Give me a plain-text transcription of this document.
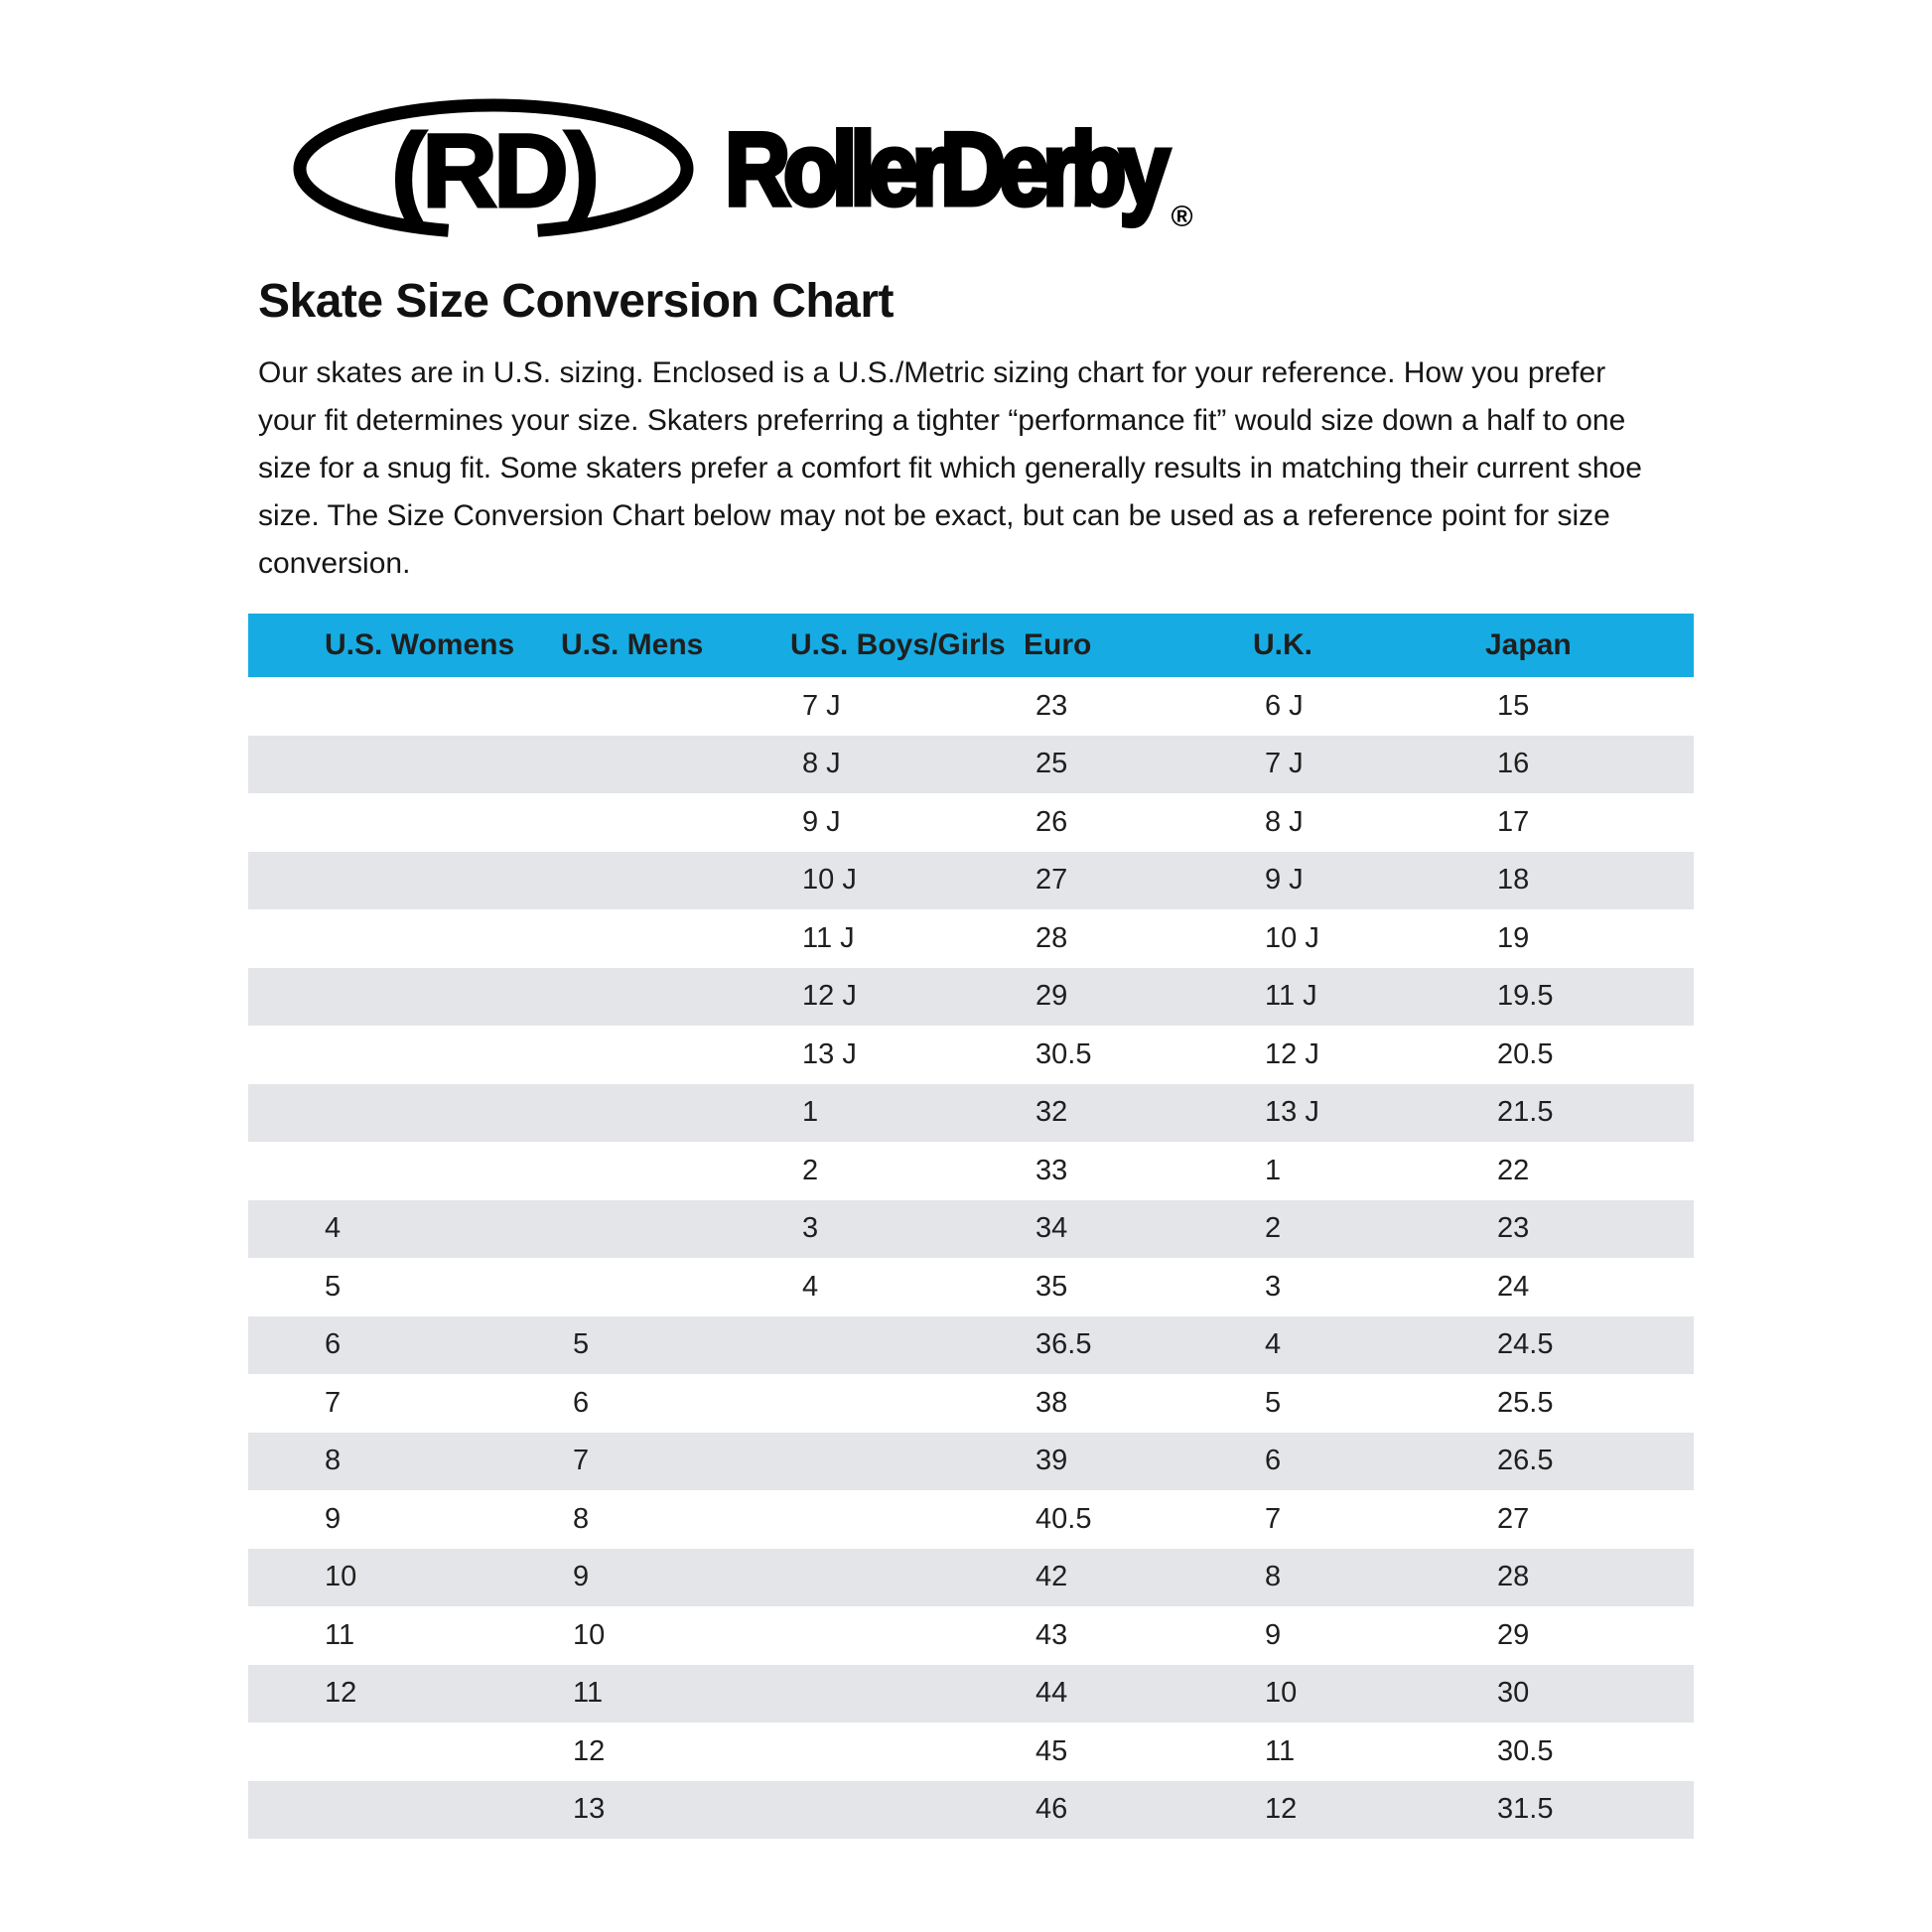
(RD) RollerDerby ®
Skate Size Conversion Chart
Our skates are in U.S. sizing. Enclosed is a U.S./Metric sizing chart for your reference. How you prefer your fit determines your size. Skaters preferring a tighter “performance fit” would size down a half to one size for a snug fit. Some skaters prefer a comfort fit which generally results in matching their current shoe size. The Size Conversion Chart below may not be exact, but can be used as a reference point for size conversion.
U.S. Womens	U.S. Mens	U.S. Boys/Girls	Euro	U.K.	Japan
		7 J	23	6 J	15
		8 J	25	7 J	16
		9 J	26	8 J	17
		10 J	27	9 J	18
		11 J	28	10 J	19
		12 J	29	11 J	19.5
		13 J	30.5	12 J	20.5
		1	32	13 J	21.5
		2	33	1	22
4		3	34	2	23
5		4	35	3	24
6	5		36.5	4	24.5
7	6		38	5	25.5
8	7		39	6	26.5
9	8		40.5	7	27
10	9		42	8	28
11	10		43	9	29
12	11		44	10	30
	12		45	11	30.5
	13		46	12	31.5
